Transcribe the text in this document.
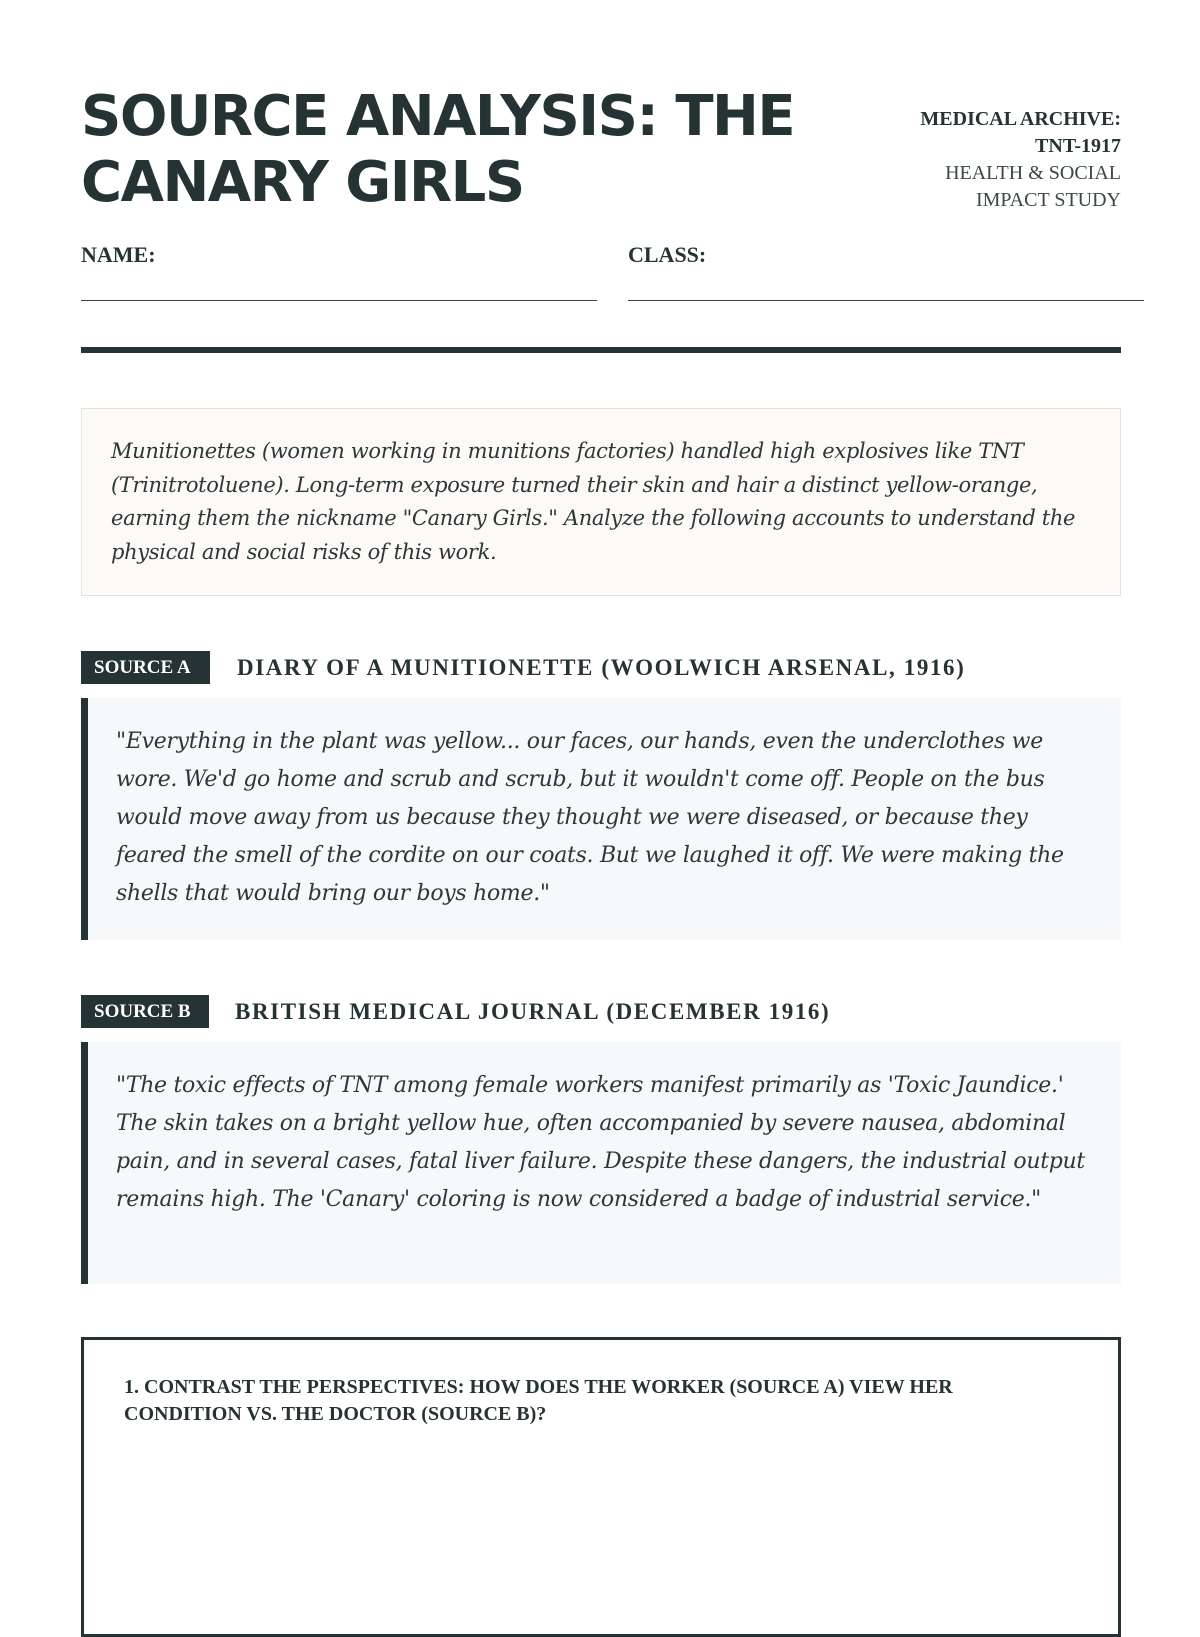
SOURCE ANALYSIS: THE CANARY GIRLS
MEDICAL ARCHIVE:
TNT-1917
HEALTH & SOCIAL
IMPACT STUDY
NAME:	CLASS:

Munitionettes (women working in munitions factories) handled high explosives like TNT (Trinitrotoluene). Long-term exposure turned their skin and hair a distinct yellow-orange, earning them the nickname "Canary Girls." Analyze the following accounts to understand the physical and social risks of this work.

SOURCE A	DIARY OF A MUNITIONETTE (WOOLWICH ARSENAL, 1916)

"Everything in the plant was yellow... our faces, our hands, even the underclothes we wore. We'd go home and scrub and scrub, but it wouldn't come off. People on the bus would move away from us because they thought we were diseased, or because they feared the smell of the cordite on our coats. But we laughed it off. We were making the shells that would bring our boys home."

SOURCE B	BRITISH MEDICAL JOURNAL (DECEMBER 1916)

"The toxic effects of TNT among female workers manifest primarily as 'Toxic Jaundice.' The skin takes on a bright yellow hue, often accompanied by severe nausea, abdominal pain, and in several cases, fatal liver failure. Despite these dangers, the industrial output remains high. The 'Canary' coloring is now considered a badge of industrial service."

1. CONTRAST THE PERSPECTIVES: HOW DOES THE WORKER (SOURCE A) VIEW HER CONDITION VS. THE DOCTOR (SOURCE B)?
